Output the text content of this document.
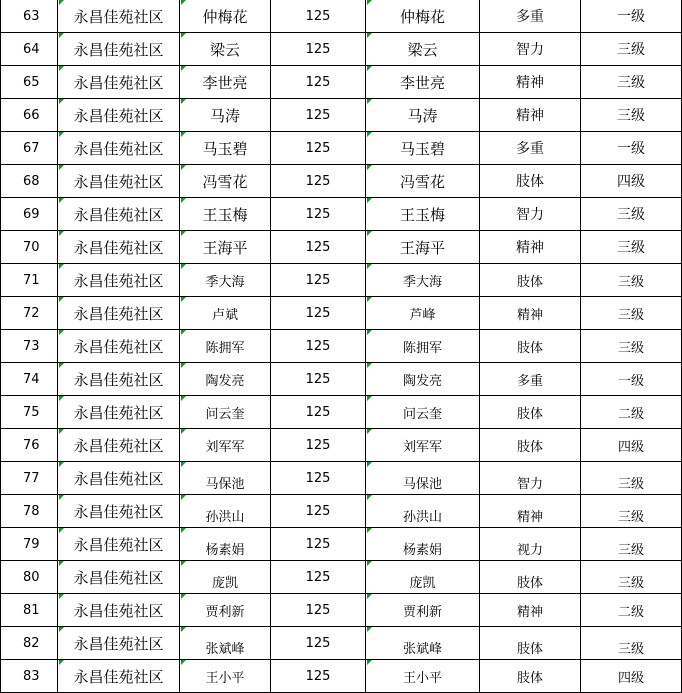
63	永昌佳苑社区	仲梅花	125	仲梅花	多重	一级
64	永昌佳苑社区	梁云	125	梁云	智力	三级
65	永昌佳苑社区	李世亮	125	李世亮	精神	三级
66	永昌佳苑社区	马涛	125	马涛	精神	三级
67	永昌佳苑社区	马玉碧	125	马玉碧	多重	一级
68	永昌佳苑社区	冯雪花	125	冯雪花	肢体	四级
69	永昌佳苑社区	王玉梅	125	王玉梅	智力	三级
70	永昌佳苑社区	王海平	125	王海平	精神	三级
71	永昌佳苑社区	季大海	125	季大海	肢体	三级
72	永昌佳苑社区	卢斌	125	芦峰	精神	三级
73	永昌佳苑社区	陈拥军	125	陈拥军	肢体	三级
74	永昌佳苑社区	陶发亮	125	陶发亮	多重	一级
75	永昌佳苑社区	问云奎	125	问云奎	肢体	二级
76	永昌佳苑社区	刘军军	125	刘军军	肢体	四级
77	永昌佳苑社区	马保池	125	马保池	智力	三级
78	永昌佳苑社区	孙洪山	125	孙洪山	精神	三级
79	永昌佳苑社区	杨素娟	125	杨素娟	视力	三级
80	永昌佳苑社区	庞凯	125	庞凯	肢体	三级
81	永昌佳苑社区	贾利新	125	贾利新	精神	二级
82	永昌佳苑社区	张斌峰	125	张斌峰	肢体	三级
83	永昌佳苑社区	王小平	125	王小平	肢体	四级
